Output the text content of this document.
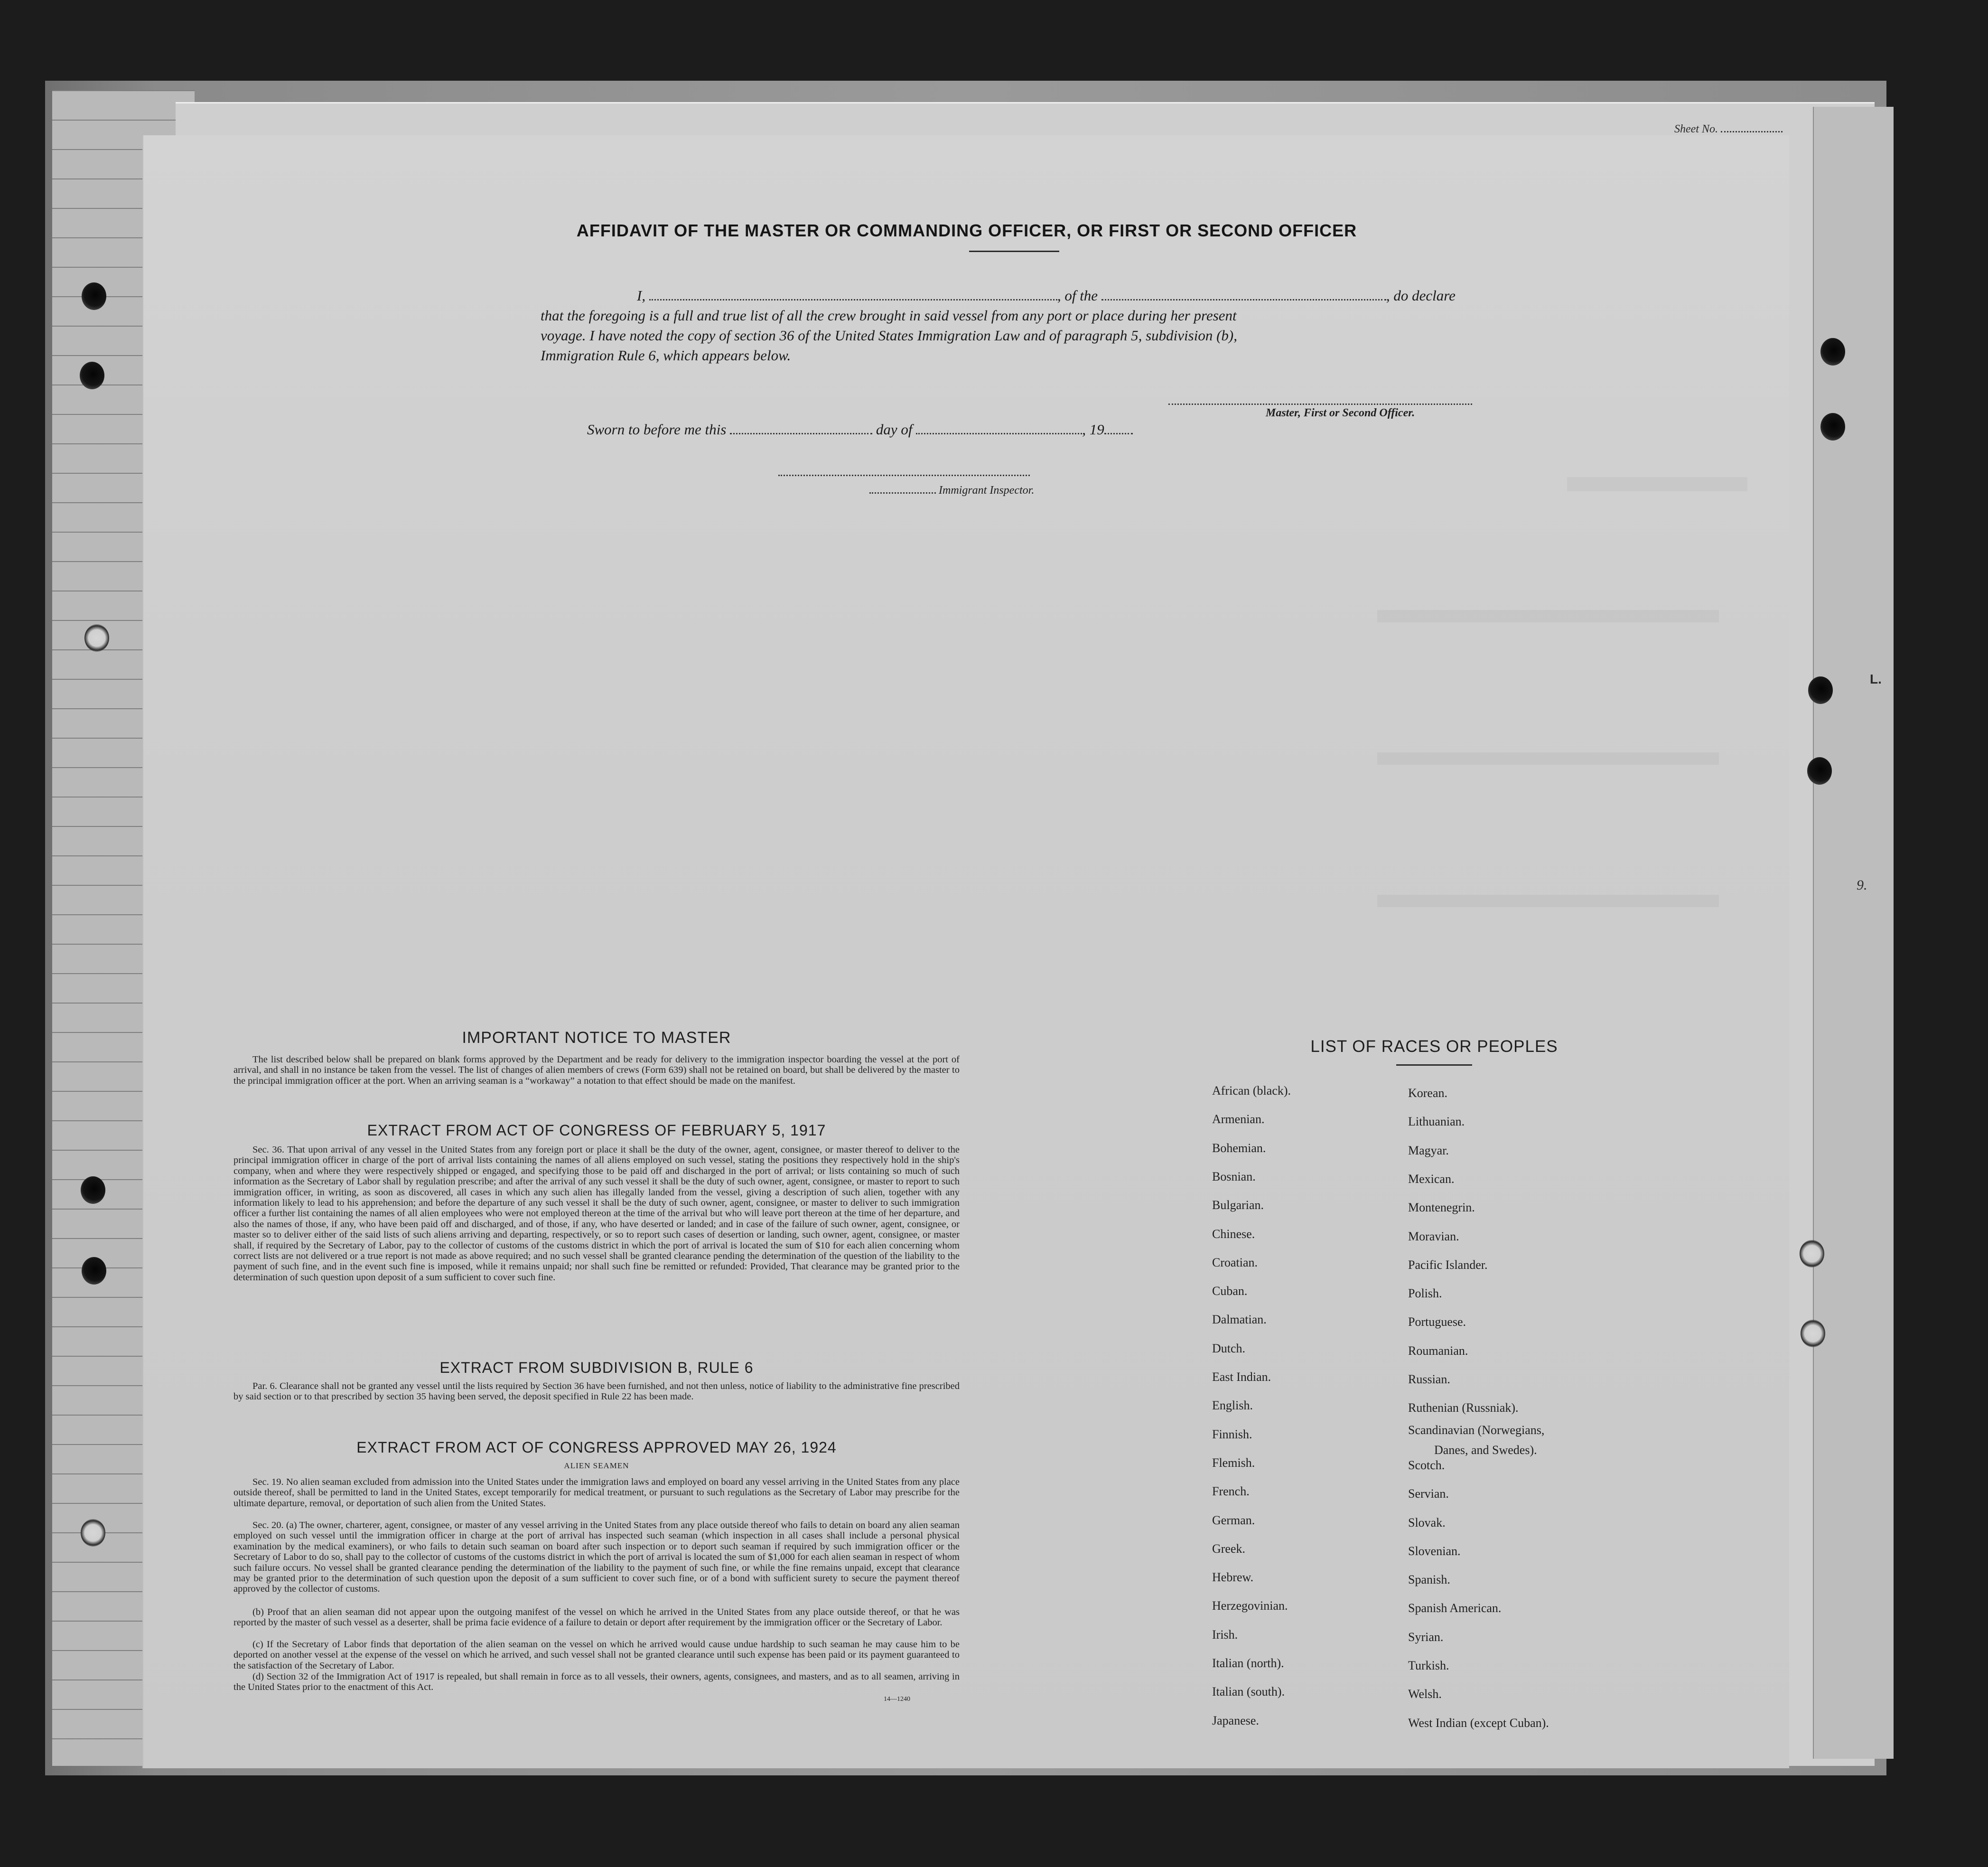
Sheet No.
AFFIDAVIT OF THE MASTER OR COMMANDING OFFICER, OR FIRST OR SECOND OFFICER
I,	, of the	, do declare
that the foregoing is a full and true list of all the crew brought in said vessel from any port or place during her present
voyage. I have noted the copy of section 36 of the United States Immigration Law and of paragraph 5, subdivision (b),
Immigration Rule 6, which appears below.
Master, First or Second Officer.
Sworn to before me this	day of	, 19
Immigrant Inspector.
IMPORTANT NOTICE TO MASTER
The list described below shall be prepared on blank forms approved by the Department and be ready for delivery to the immigration inspector boarding the vessel at the port of arrival, and shall in no instance be taken from the vessel. The list of changes of alien members of crews (Form 639) shall not be retained on board, but shall be delivered by the master to the principal immigration officer at the port. When an arriving seaman is a “workaway” a notation to that effect should be made on the manifest.
EXTRACT FROM ACT OF CONGRESS OF FEBRUARY 5, 1917
Sec. 36. That upon arrival of any vessel in the United States from any foreign port or place it shall be the duty of the owner, agent, consignee, or master thereof to deliver to the principal immigration officer in charge of the port of arrival lists containing the names of all aliens employed on such vessel, stating the positions they respectively hold in the ship's company, when and where they were respectively shipped or engaged, and specifying those to be paid off and discharged in the port of arrival; or lists containing so much of such information as the Secretary of Labor shall by regulation prescribe; and after the arrival of any such vessel it shall be the duty of such owner, agent, consignee, or master to report to such immigration officer, in writing, as soon as discovered, all cases in which any such alien has illegally landed from the vessel, giving a description of such alien, together with any information likely to lead to his apprehension; and before the departure of any such vessel it shall be the duty of such owner, agent, consignee, or master to deliver to such immigration officer a further list containing the names of all alien employees who were not employed thereon at the time of the arrival but who will leave port thereon at the time of her departure, and also the names of those, if any, who have been paid off and discharged, and of those, if any, who have deserted or landed; and in case of the failure of such owner, agent, consignee, or master so to deliver either of the said lists of such aliens arriving and departing, respectively, or so to report such cases of desertion or landing, such owner, agent, consignee, or master shall, if required by the Secretary of Labor, pay to the collector of customs of the customs district in which the port of arrival is located the sum of $10 for each alien concerning whom correct lists are not delivered or a true report is not made as above required; and no such vessel shall be granted clearance pending the determination of the question of the liability to the payment of such fine, and in the event such fine is imposed, while it remains unpaid; nor shall such fine be remitted or refunded: Provided, That clearance may be granted prior to the determination of such question upon deposit of a sum sufficient to cover such fine.
EXTRACT FROM SUBDIVISION B, RULE 6
Par. 6. Clearance shall not be granted any vessel until the lists required by Section 36 have been furnished, and not then unless, notice of liability to the administrative fine prescribed by said section or to that prescribed by section 35 having been served, the deposit specified in Rule 22 has been made.
EXTRACT FROM ACT OF CONGRESS APPROVED MAY 26, 1924
ALIEN SEAMEN
Sec. 19. No alien seaman excluded from admission into the United States under the immigration laws and employed on board any vessel arriving in the United States from any place outside thereof, shall be permitted to land in the United States, except temporarily for medical treatment, or pursuant to such regulations as the Secretary of Labor may prescribe for the ultimate departure, removal, or deportation of such alien from the United States.
Sec. 20. (a) The owner, charterer, agent, consignee, or master of any vessel arriving in the United States from any place outside thereof who fails to detain on board any alien seaman employed on such vessel until the immigration officer in charge at the port of arrival has inspected such seaman (which inspection in all cases shall include a personal physical examination by the medical examiners), or who fails to detain such seaman on board after such inspection or to deport such seaman if required by such immigration officer or the Secretary of Labor to do so, shall pay to the collector of customs of the customs district in which the port of arrival is located the sum of $1,000 for each alien seaman in respect of whom such failure occurs. No vessel shall be granted clearance pending the determination of the liability to the payment of such fine, or while the fine remains unpaid, except that clearance may be granted prior to the determination of such question upon the deposit of a sum sufficient to cover such fine, or of a bond with sufficient surety to secure the payment thereof approved by the collector of customs.
(b) Proof that an alien seaman did not appear upon the outgoing manifest of the vessel on which he arrived in the United States from any place outside thereof, or that he was reported by the master of such vessel as a deserter, shall be prima facie evidence of a failure to detain or deport after requirement by the immigration officer or the Secretary of Labor.
(c) If the Secretary of Labor finds that deportation of the alien seaman on the vessel on which he arrived would cause undue hardship to such seaman he may cause him to be deported on another vessel at the expense of the vessel on which he arrived, and such vessel shall not be granted clearance until such expense has been paid or its payment guaranteed to the satisfaction of the Secretary of Labor.
(d) Section 32 of the Immigration Act of 1917 is repealed, but shall remain in force as to all vessels, their owners, agents, consignees, and masters, and as to all seamen, arriving in the United States prior to the enactment of this Act.
14—1240
LIST OF RACES OR PEOPLES
African (black).
Armenian.
Bohemian.
Bosnian.
Bulgarian.
Chinese.
Croatian.
Cuban.
Dalmatian.
Dutch.
East Indian.
English.
Finnish.
Flemish.
French.
German.
Greek.
Hebrew.
Herzegovinian.
Irish.
Italian (north).
Italian (south).
Japanese.
Korean.
Lithuanian.
Magyar.
Mexican.
Montenegrin.
Moravian.
Pacific Islander.
Polish.
Portuguese.
Roumanian.
Russian.
Ruthenian (Russniak).
Scandinavian (Norwegians,
Danes, and Swedes).
Scotch.
Servian.
Slovak.
Slovenian.
Spanish.
Spanish American.
Syrian.
Turkish.
Welsh.
West Indian (except Cuban).
L.
9.
